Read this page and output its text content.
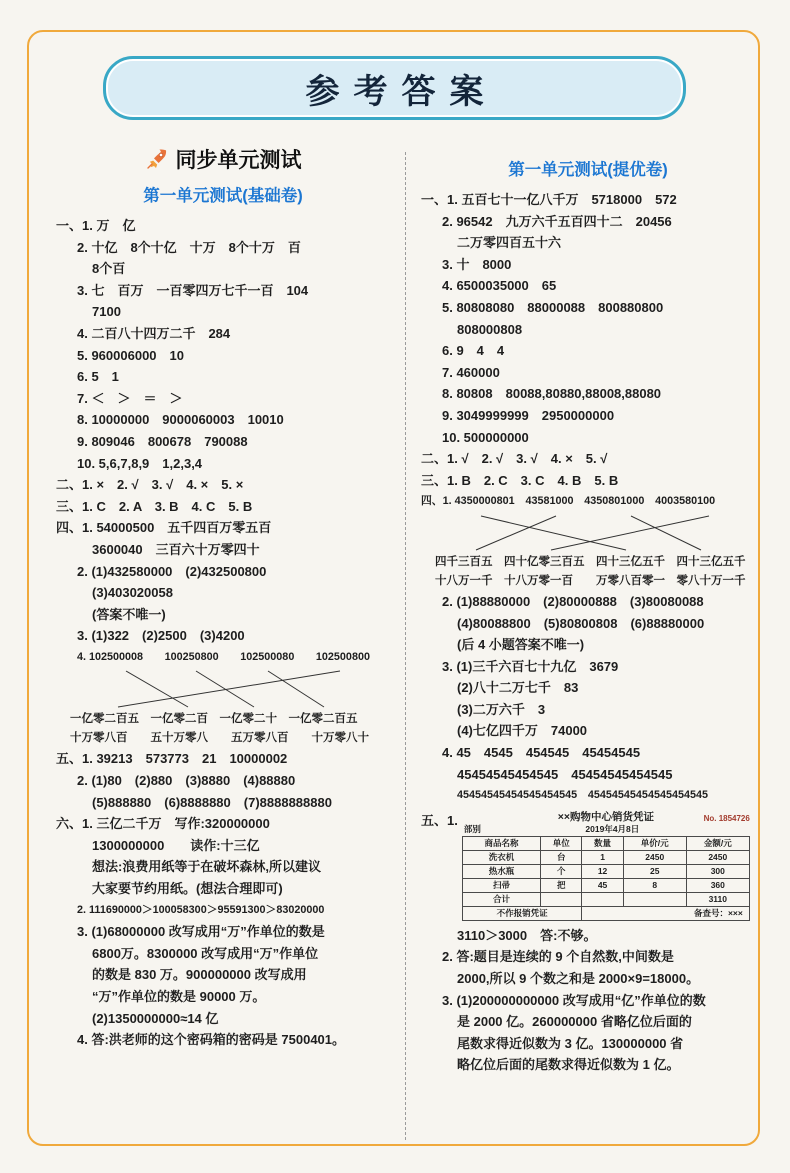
参考答案
同步单元测试
第一单元测试(基础卷)
一、1. 万　亿
2. 十亿　8个十亿　十万　8个十万　百
8个百
3. 七　百万　一百零四万七千一百　104
7100
4. 二百八十四万二千　284
5. 960006000　10
6. 5　1
7. ＜　＞　＝　＞
8. 10000000　9000060003　10010
9. 809046　800678　790088
10. 5,6,7,8,9　1,2,3,4
二、1. ×　2. √　3. √　4. ×　5. ×
三、1. C　2. A　3. B　4. C　5. B
四、1. 54000500　五千四百万零五百
3600040　三百六十万零四十
2. (1)432580000　(2)432500800
(3)403020058
(答案不唯一)
3. (1)322　(2)2500　(3)4200
4. 102500008　　100250800　　102500080　　102500800
一亿零二百五　一亿零二百　一亿零二十　一亿零二百五
十万零八百　　五十万零八　　五万零八百　　十万零八十
五、1. 39213　573773　21　10000002
2. (1)80　(2)880　(3)8880　(4)88880
(5)888880　(6)8888880　(7)8888888880
六、1. 三亿二千万　写作:320000000
1300000000　　读作:十三亿
想法:浪费用纸等于在破坏森林,所以建议
大家要节约用纸。(想法合理即可)
2. 111690000＞100058300＞95591300＞83020000
3. (1)68000000 改写成用“万”作单位的数是
6800万。8300000 改写成用“万”作单位
的数是 830 万。900000000 改写成用
“万”作单位的数是 90000 万。
(2)1350000000≈14 亿
4. 答:洪老师的这个密码箱的密码是 7500401。
第一单元测试(提优卷)
一、1. 五百七十一亿八千万　5718000　572
2. 96542　九万六千五百四十二　20456
二万零四百五十六
3. 十　8000
4. 6500035000　65
5. 80808080　88000088　800880800
808000808
6. 9　4　4
7. 460000
8. 80808　80088,80880,88008,88080
9. 3049999999　2950000000
10. 500000000
二、1. √　2. √　3. √　4. ×　5. √
三、1. B　2. C　3. C　4. B　5. B
四、1. 4350000801　43581000　4350801000　4003580100
四千三百五　四十亿零三百五　四十三亿五千　四十三亿五千
十八万一千　十八万零一百　　万零八百零一　零八十万一千
2. (1)88880000　(2)80000888　(3)80080088
(4)80088800　(5)80800808　(6)88880000
(后 4 小题答案不唯一)
3. (1)三千六百七十九亿　3679
(2)八十二万七千　83
(3)二万六千　3
(4)七亿四千万　74000
4. 45　4545　454545　45454545
45454545454545　45454545454545
45454545454545454545　45454545454545454545
五、1.	××购物中心销货凭证	No. 1854726
部别	2019年4月8日
商品名称	单位	数量	单价/元	金额/元
洗衣机	台	1	2450	2450
热水瓶	个	12	25	300
扫帚	把	45	8	360
合计				3110
不作报销凭证		备查号：×××		
3110＞3000　答:不够。
2. 答:题目是连续的 9 个自然数,中间数是
2000,所以 9 个数之和是 2000×9=18000。
3. (1)200000000000 改写成用“亿”作单位的数
是 2000 亿。260000000 省略亿位后面的
尾数求得近似数为 3 亿。130000000 省
略亿位后面的尾数求得近似数为 1 亿。
